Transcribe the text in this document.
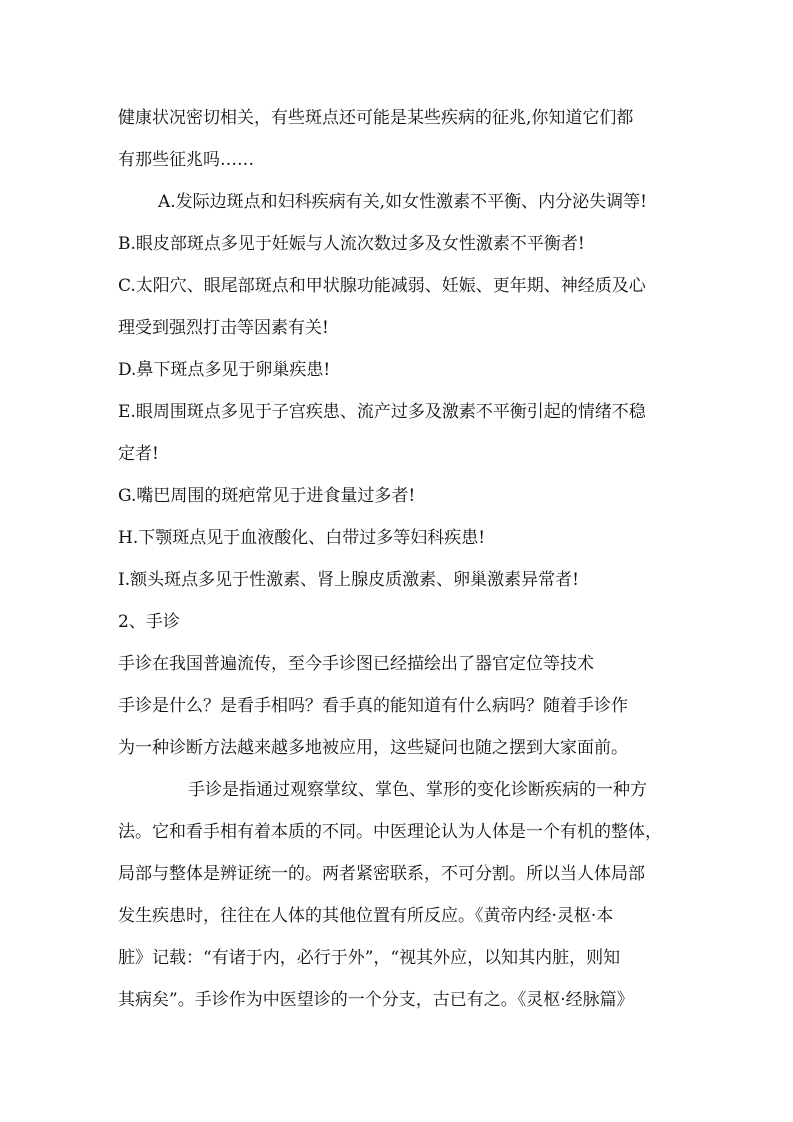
健康状况密切相关，有些斑点还可能是某些疾病的征兆,你知道它们都
有那些征兆吗……
A.发际边斑点和妇科疾病有关,如女性激素不平衡、内分泌失调等!
B.眼皮部斑点多见于妊娠与人流次数过多及女性激素不平衡者!
C.太阳穴、眼尾部斑点和甲状腺功能减弱、妊娠、更年期、神经质及心
理受到强烈打击等因素有关!
D.鼻下斑点多见于卵巢疾患!
E.眼周围斑点多见于子宫疾患、流产过多及激素不平衡引起的情绪不稳
定者!
G.嘴巴周围的斑疤常见于进食量过多者!
H.下颚斑点见于血液酸化、白带过多等妇科疾患!
I.额头斑点多见于性激素、肾上腺皮质激素、卵巢激素异常者!
2、手诊
手诊在我国普遍流传，至今手诊图已经描绘出了器官定位等技术
手诊是什么？是看手相吗？看手真的能知道有什么病吗？随着手诊作
为一种诊断方法越来越多地被应用，这些疑问也随之摆到大家面前。
手诊是指通过观察掌纹、掌色、掌形的变化诊断疾病的一种方
法。它和看手相有着本质的不同。中医理论认为人体是一个有机的整体，
局部与整体是辨证统一的。两者紧密联系，不可分割。所以当人体局部
发生疾患时，往往在人体的其他位置有所反应。《黄帝内经·灵枢·本
脏》记载：“有诸于内，必行于外”，“视其外应，以知其内脏，则知
其病矣”。手诊作为中医望诊的一个分支，古已有之。《灵枢·经脉篇》
